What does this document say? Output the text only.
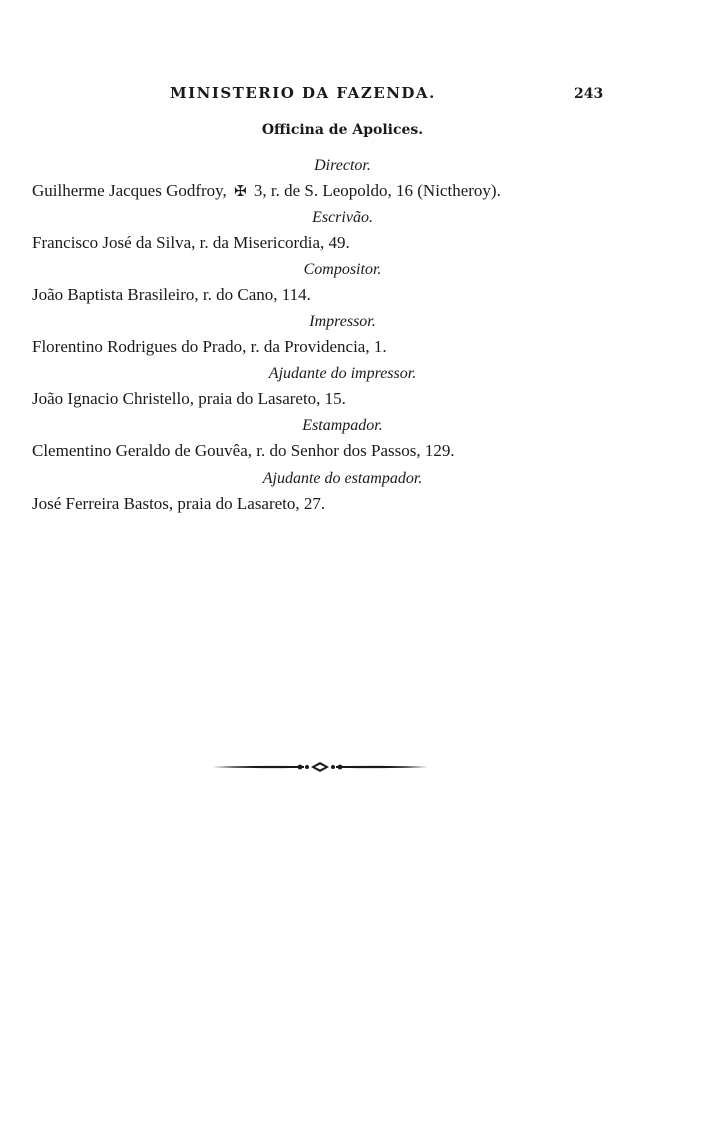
MINISTERIO DA FAZENDA.	243
Officina de Apolices.
Director.
Guilherme Jacques Godfroy, ✠ 3, r. de S. Leopoldo, 16 (Nictheroy).
Escrivão.
Francisco José da Silva, r. da Misericordia, 49.
Compositor.
João Baptista Brasileiro, r. do Cano, 114.
Impressor.
Florentino Rodrigues do Prado, r. da Providencia, 1.
Ajudante do impressor.
João Ignacio Christello, praia do Lasareto, 15.
Estampador.
Clementino Geraldo de Gouvêa, r. do Senhor dos Passos, 129.
Ajudante do estampador.
José Ferreira Bastos, praia do Lasareto, 27.
